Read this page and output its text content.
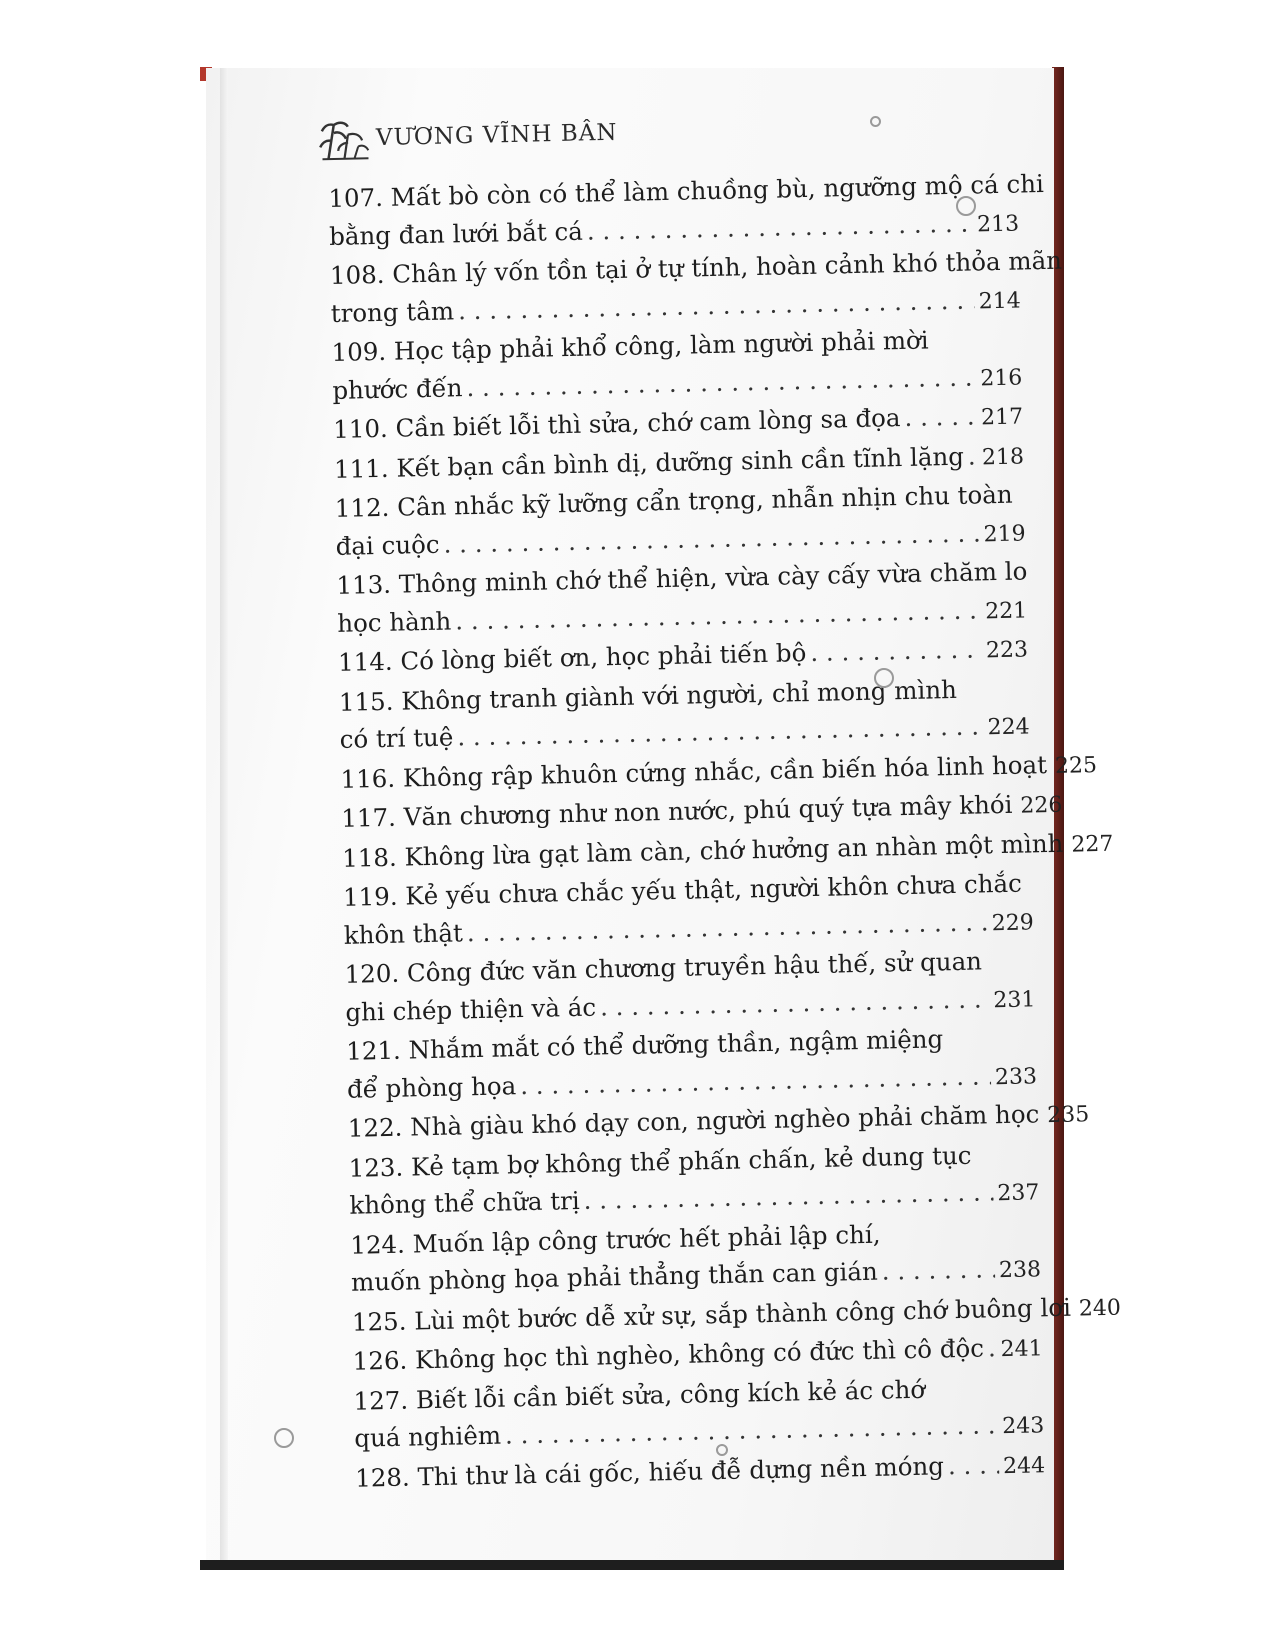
VƯƠNG VĨNH BÂN
107. Mất bò còn có thể làm chuồng bù, ngưỡng mộ cá chi
bằng đan lưới bắt cá . . .	213
108. Chân lý vốn tồn tại ở tự tính, hoàn cảnh khó thỏa mãn
trong tâm . . .	214
109. Học tập phải khổ công, làm người phải mời
phước đến . . .	216
110. Cần biết lỗi thì sửa, chớ cam lòng sa đọa . . .	217
111. Kết bạn cần bình dị, dưỡng sinh cần tĩnh lặng . . . 218
112. Cân nhắc kỹ lưỡng cẩn trọng, nhẫn nhịn chu toàn
đại cuộc . . .	219
113. Thông minh chớ thể hiện, vừa cày cấy vừa chăm lo
học hành . . .	221
114. Có lòng biết ơn, học phải tiến bộ . . .	223
115. Không tranh giành với người, chỉ mong mình
có trí tuệ . . .	224
116. Không rập khuôn cứng nhắc, cần biến hóa linh hoạt . . . 225
117. Văn chương như non nước, phú quý tựa mây khói . . . 226
118. Không lừa gạt làm càn, chớ hưởng an nhàn một mình . . . 227
119. Kẻ yếu chưa chắc yếu thật, người khôn chưa chắc
khôn thật . . .	229
120. Công đức văn chương truyền hậu thế, sử quan
ghi chép thiện và ác . . .	231
121. Nhắm mắt có thể dưỡng thần, ngậm miệng
để phòng họa . . .	233
122. Nhà giàu khó dạy con, người nghèo phải chăm học . . . 235
123. Kẻ tạm bợ không thể phấn chấn, kẻ dung tục
không thể chữa trị . . .	237
124. Muốn lập công trước hết phải lập chí,
muốn phòng họa phải thẳng thắn can gián . . .	238
125. Lùi một bước dễ xử sự, sắp thành công chớ buông lơi . . . 240
126. Không học thì nghèo, không có đức thì cô độc . . . 241
127. Biết lỗi cần biết sửa, công kích kẻ ác chớ
quá nghiêm . . .	243
128. Thi thư là cái gốc, hiếu đễ dựng nền móng . . .	244
